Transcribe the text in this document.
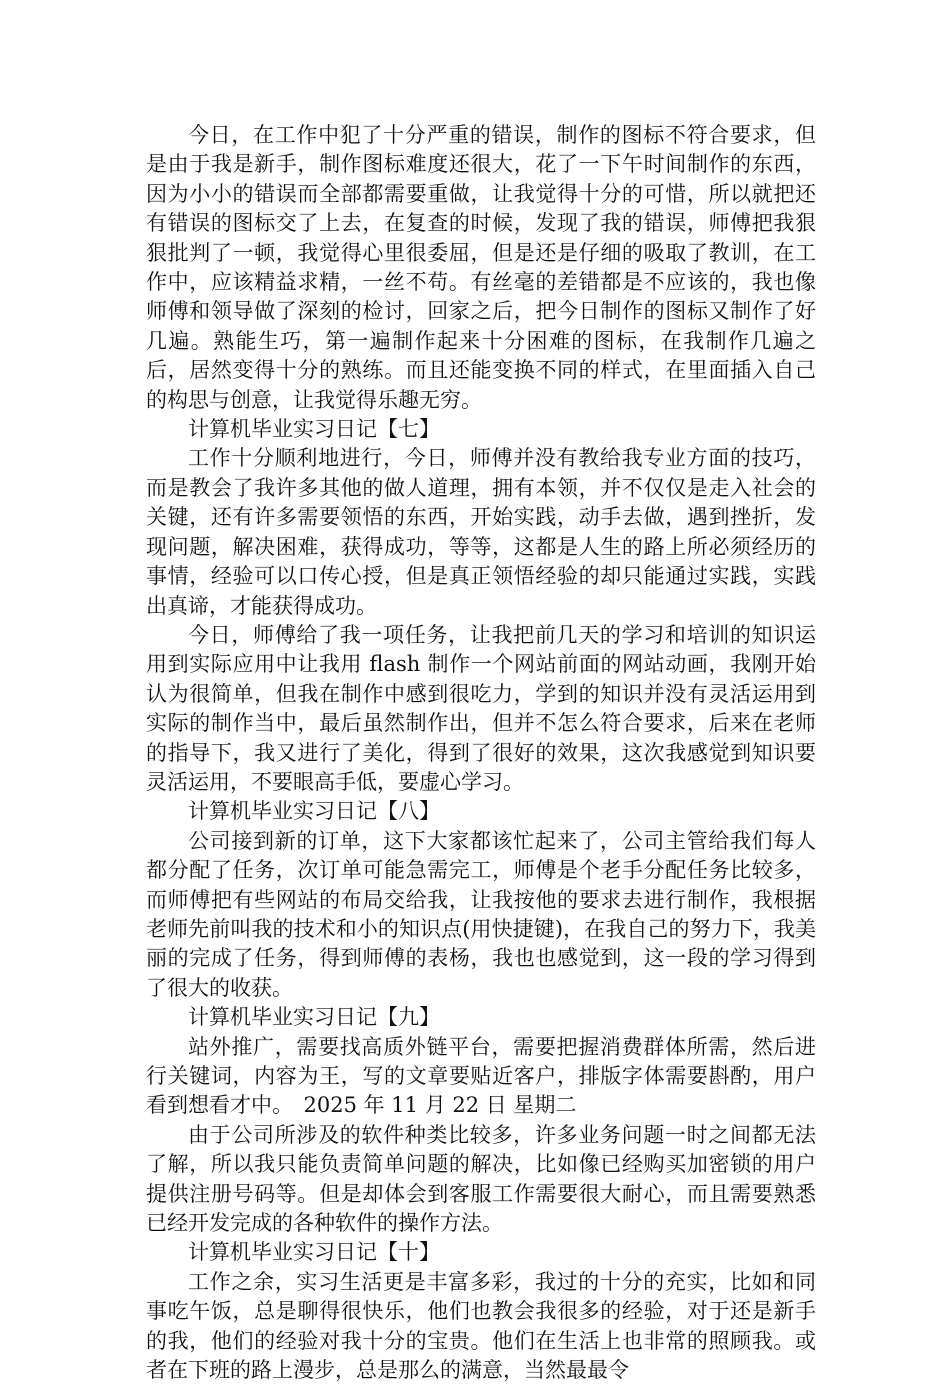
今日，在工作中犯了十分严重的错误，制作的图标不符合要求，但是由于我是新手，制作图标难度还很大，花了一下午时间制作的东西，因为小小的错误而全部都需要重做，让我觉得十分的可惜，所以就把还有错误的图标交了上去，在复查的时候，发现了我的错误，师傅把我狠狠批判了一顿，我觉得心里很委屈，但是还是仔细的吸取了教训，在工作中，应该精益求精，一丝不苟。有丝毫的差错都是不应该的，我也像师傅和领导做了深刻的检讨，回家之后，把今日制作的图标又制作了好几遍。熟能生巧，第一遍制作起来十分困难的图标，在我制作几遍之后，居然变得十分的熟练。而且还能变换不同的样式，在里面插入自己的构思与创意，让我觉得乐趣无穷。

计算机毕业实习日记【七】

工作十分顺利地进行，今日，师傅并没有教给我专业方面的技巧，而是教会了我许多其他的做人道理，拥有本领，并不仅仅是走入社会的关键，还有许多需要领悟的东西，开始实践，动手去做，遇到挫折，发现问题，解决困难，获得成功，等等，这都是人生的路上所必须经历的事情，经验可以口传心授，但是真正领悟经验的却只能通过实践，实践出真谛，才能获得成功。

今日，师傅给了我一项任务，让我把前几天的学习和培训的知识运用到实际应用中让我用 flash 制作一个网站前面的网站动画，我刚开始认为很简单，但我在制作中感到很吃力，学到的知识并没有灵活运用到实际的制作当中，最后虽然制作出，但并不怎么符合要求，后来在老师的指导下，我又进行了美化，得到了很好的效果，这次我感觉到知识要灵活运用，不要眼高手低，要虚心学习。

计算机毕业实习日记【八】

公司接到新的订单，这下大家都该忙起来了，公司主管给我们每人都分配了任务，次订单可能急需完工，师傅是个老手分配任务比较多，而师傅把有些网站的布局交给我，让我按他的要求去进行制作，我根据老师先前叫我的技术和小的知识点(用快捷键)，在我自己的努力下，我美丽的完成了任务，得到师傅的表杨，我也也感觉到，这一段的学习得到了很大的收获。

计算机毕业实习日记【九】

站外推广，需要找高质外链平台，需要把握消费群体所需，然后进行关键词，内容为王，写的文章要贴近客户，排版字体需要斟酌，用户看到想看才中。　2025 年 11 月 22 日 星期二

由于公司所涉及的软件种类比较多，许多业务问题一时之间都无法了解，所以我只能负责简单问题的解决，比如像已经购买加密锁的用户提供注册号码等。但是却体会到客服工作需要很大耐心，而且需要熟悉已经开发完成的各种软件的操作方法。

计算机毕业实习日记【十】

工作之余，实习生活更是丰富多彩，我过的十分的充实，比如和同事吃午饭，总是聊得很快乐，他们也教会我很多的经验，对于还是新手的我，他们的经验对我十分的宝贵。他们在生活上也非常的照顾我。或者在下班的路上漫步，总是那么的满意，当然最最令
